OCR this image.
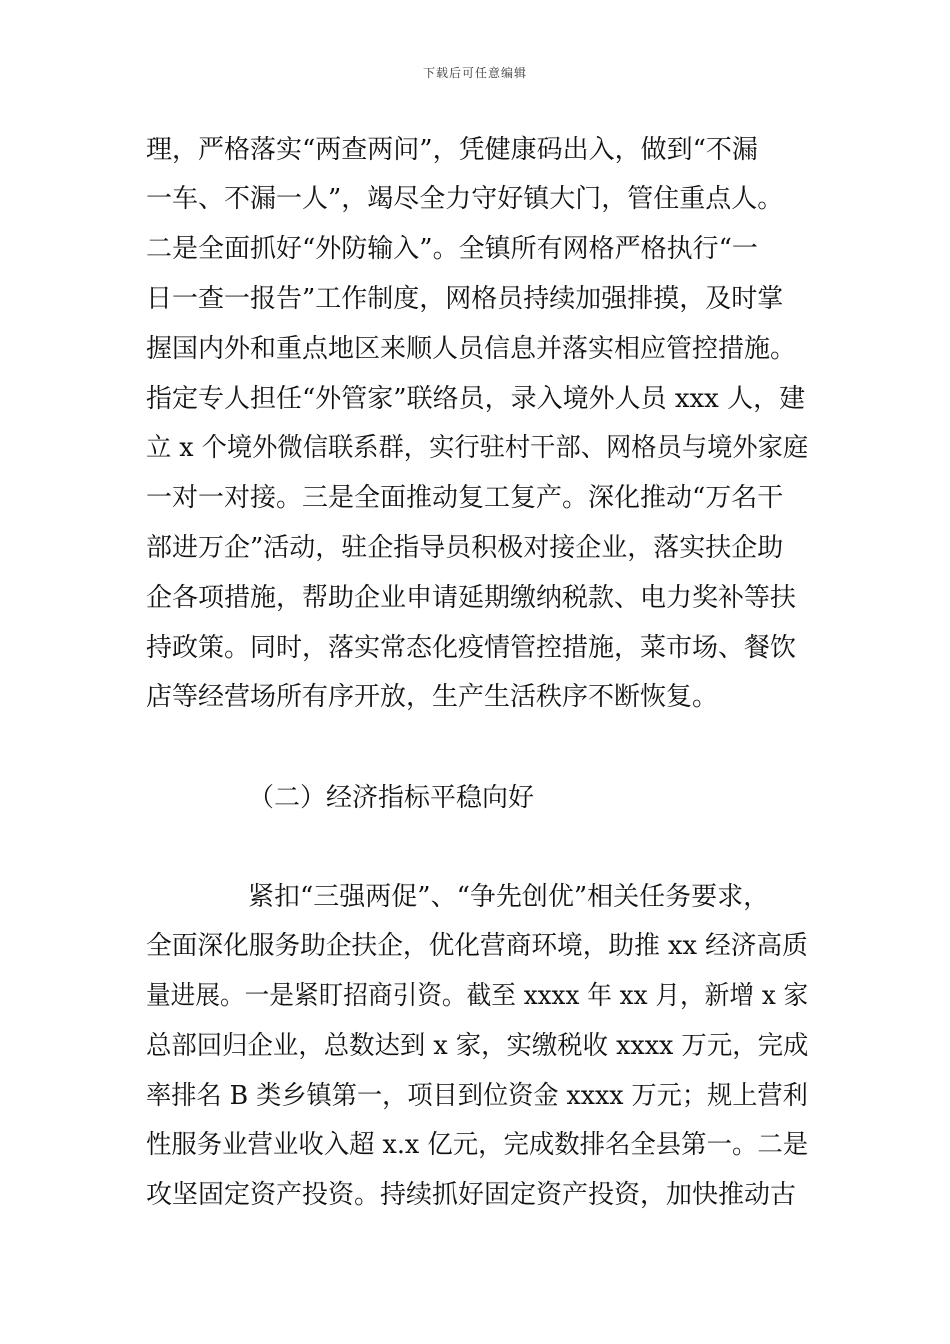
下载后可任意编辑
理，严格落实“两查两问”，凭健康码出入，做到“不漏
一车、不漏一人”，竭尽全力守好镇大门，管住重点人。
二是全面抓好“外防输入”。全镇所有网格严格执行“一
日一查一报告”工作制度，网格员持续加强排摸，及时掌
握国内外和重点地区来顺人员信息并落实相应管控措施。
指定专人担任“外管家”联络员，录入境外人员 xxx 人，建
立 x 个境外微信联系群，实行驻村干部、网格员与境外家庭
一对一对接。三是全面推动复工复产。深化推动“万名干
部进万企”活动，驻企指导员积极对接企业，落实扶企助
企各项措施，帮助企业申请延期缴纳税款、电力奖补等扶
持政策。同时，落实常态化疫情管控措施，菜市场、餐饮
店等经营场所有序开放，生产生活秩序不断恢复。
（二）经济指标平稳向好
紧扣“三强两促”、“争先创优”相关任务要求，
全面深化服务助企扶企，优化营商环境，助推 xx 经济高质
量进展。一是紧盯招商引资。截至 xxxx 年 xx 月，新增 x 家
总部回归企业，总数达到 x 家，实缴税收 xxxx 万元，完成
率排名 B 类乡镇第一，项目到位资金 xxxx 万元；规上营利
性服务业营业收入超 x.x 亿元，完成数排名全县第一。二是
攻坚固定资产投资。持续抓好固定资产投资，加快推动古
